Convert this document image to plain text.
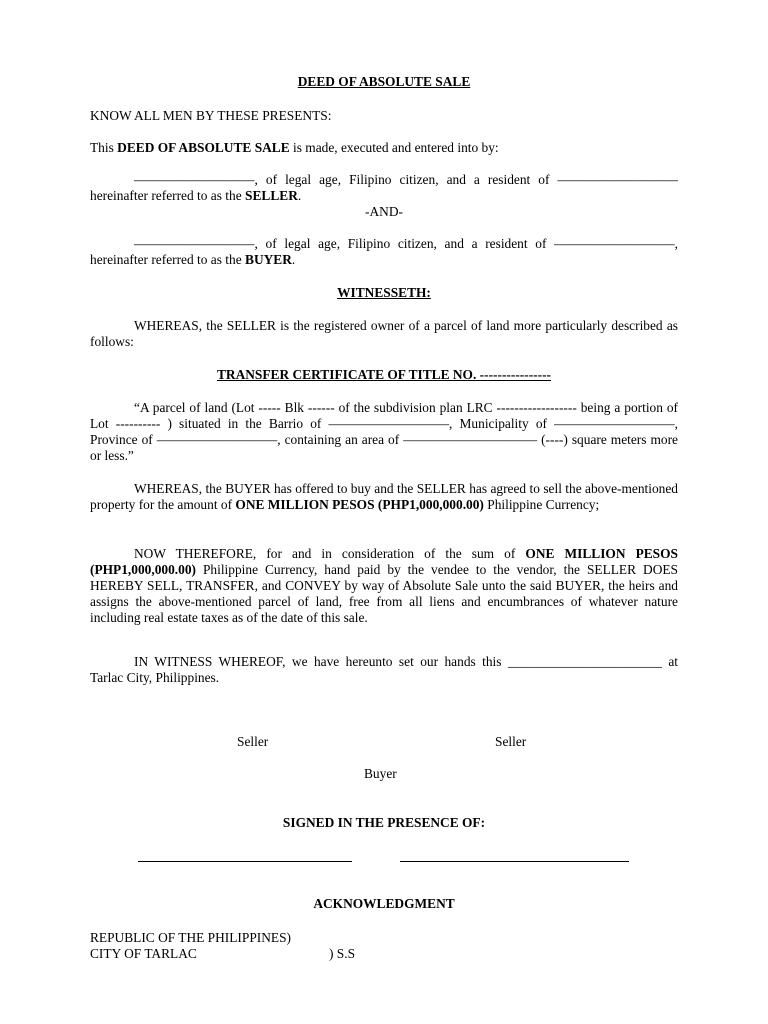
DEED OF ABSOLUTE SALE

KNOW ALL MEN BY THESE PRESENTS:

This DEED OF ABSOLUTE SALE is made, executed and entered into by:

—————————, of legal age, Filipino citizen, and a resident of ————————— hereinafter referred to as the SELLER.

-AND-

—————————, of legal age, Filipino citizen, and a resident of —————————, hereinafter referred to as the BUYER.

WITNESSETH:

WHEREAS, the SELLER is the registered owner of a parcel of land more particularly described as follows:

TRANSFER CERTIFICATE OF TITLE NO. ----------------

“A parcel of land (Lot ----- Blk ------ of the subdivision plan LRC ------------------ being a portion of Lot ---------- ) situated in the Barrio of —————————, Municipality of —————————, Province of —————————, containing an area of —————————— (----) square meters more or less.”

WHEREAS, the BUYER has offered to buy and the SELLER has agreed to sell the above-mentioned property for the amount of ONE MILLION PESOS (PHP1,000,000.00) Philippine Currency;

NOW THEREFORE, for and in consideration of the sum of ONE MILLION PESOS (PHP1,000,000.00) Philippine Currency, hand paid by the vendee to the vendor, the SELLER DOES HEREBY SELL, TRANSFER, and CONVEY by way of Absolute Sale unto the said BUYER, the heirs and assigns the above-mentioned parcel of land, free from all liens and encumbrances of whatever nature including real estate taxes as of the date of this sale.

IN WITNESS WHEREOF, we have hereunto set our hands this _______________________ at Tarlac City, Philippines.

Seller	Seller

Buyer

SIGNED IN THE PRESENCE OF:

ACKNOWLEDGMENT

REPUBLIC OF THE PHILIPPINES)

CITY OF TARLAC	) S.S
